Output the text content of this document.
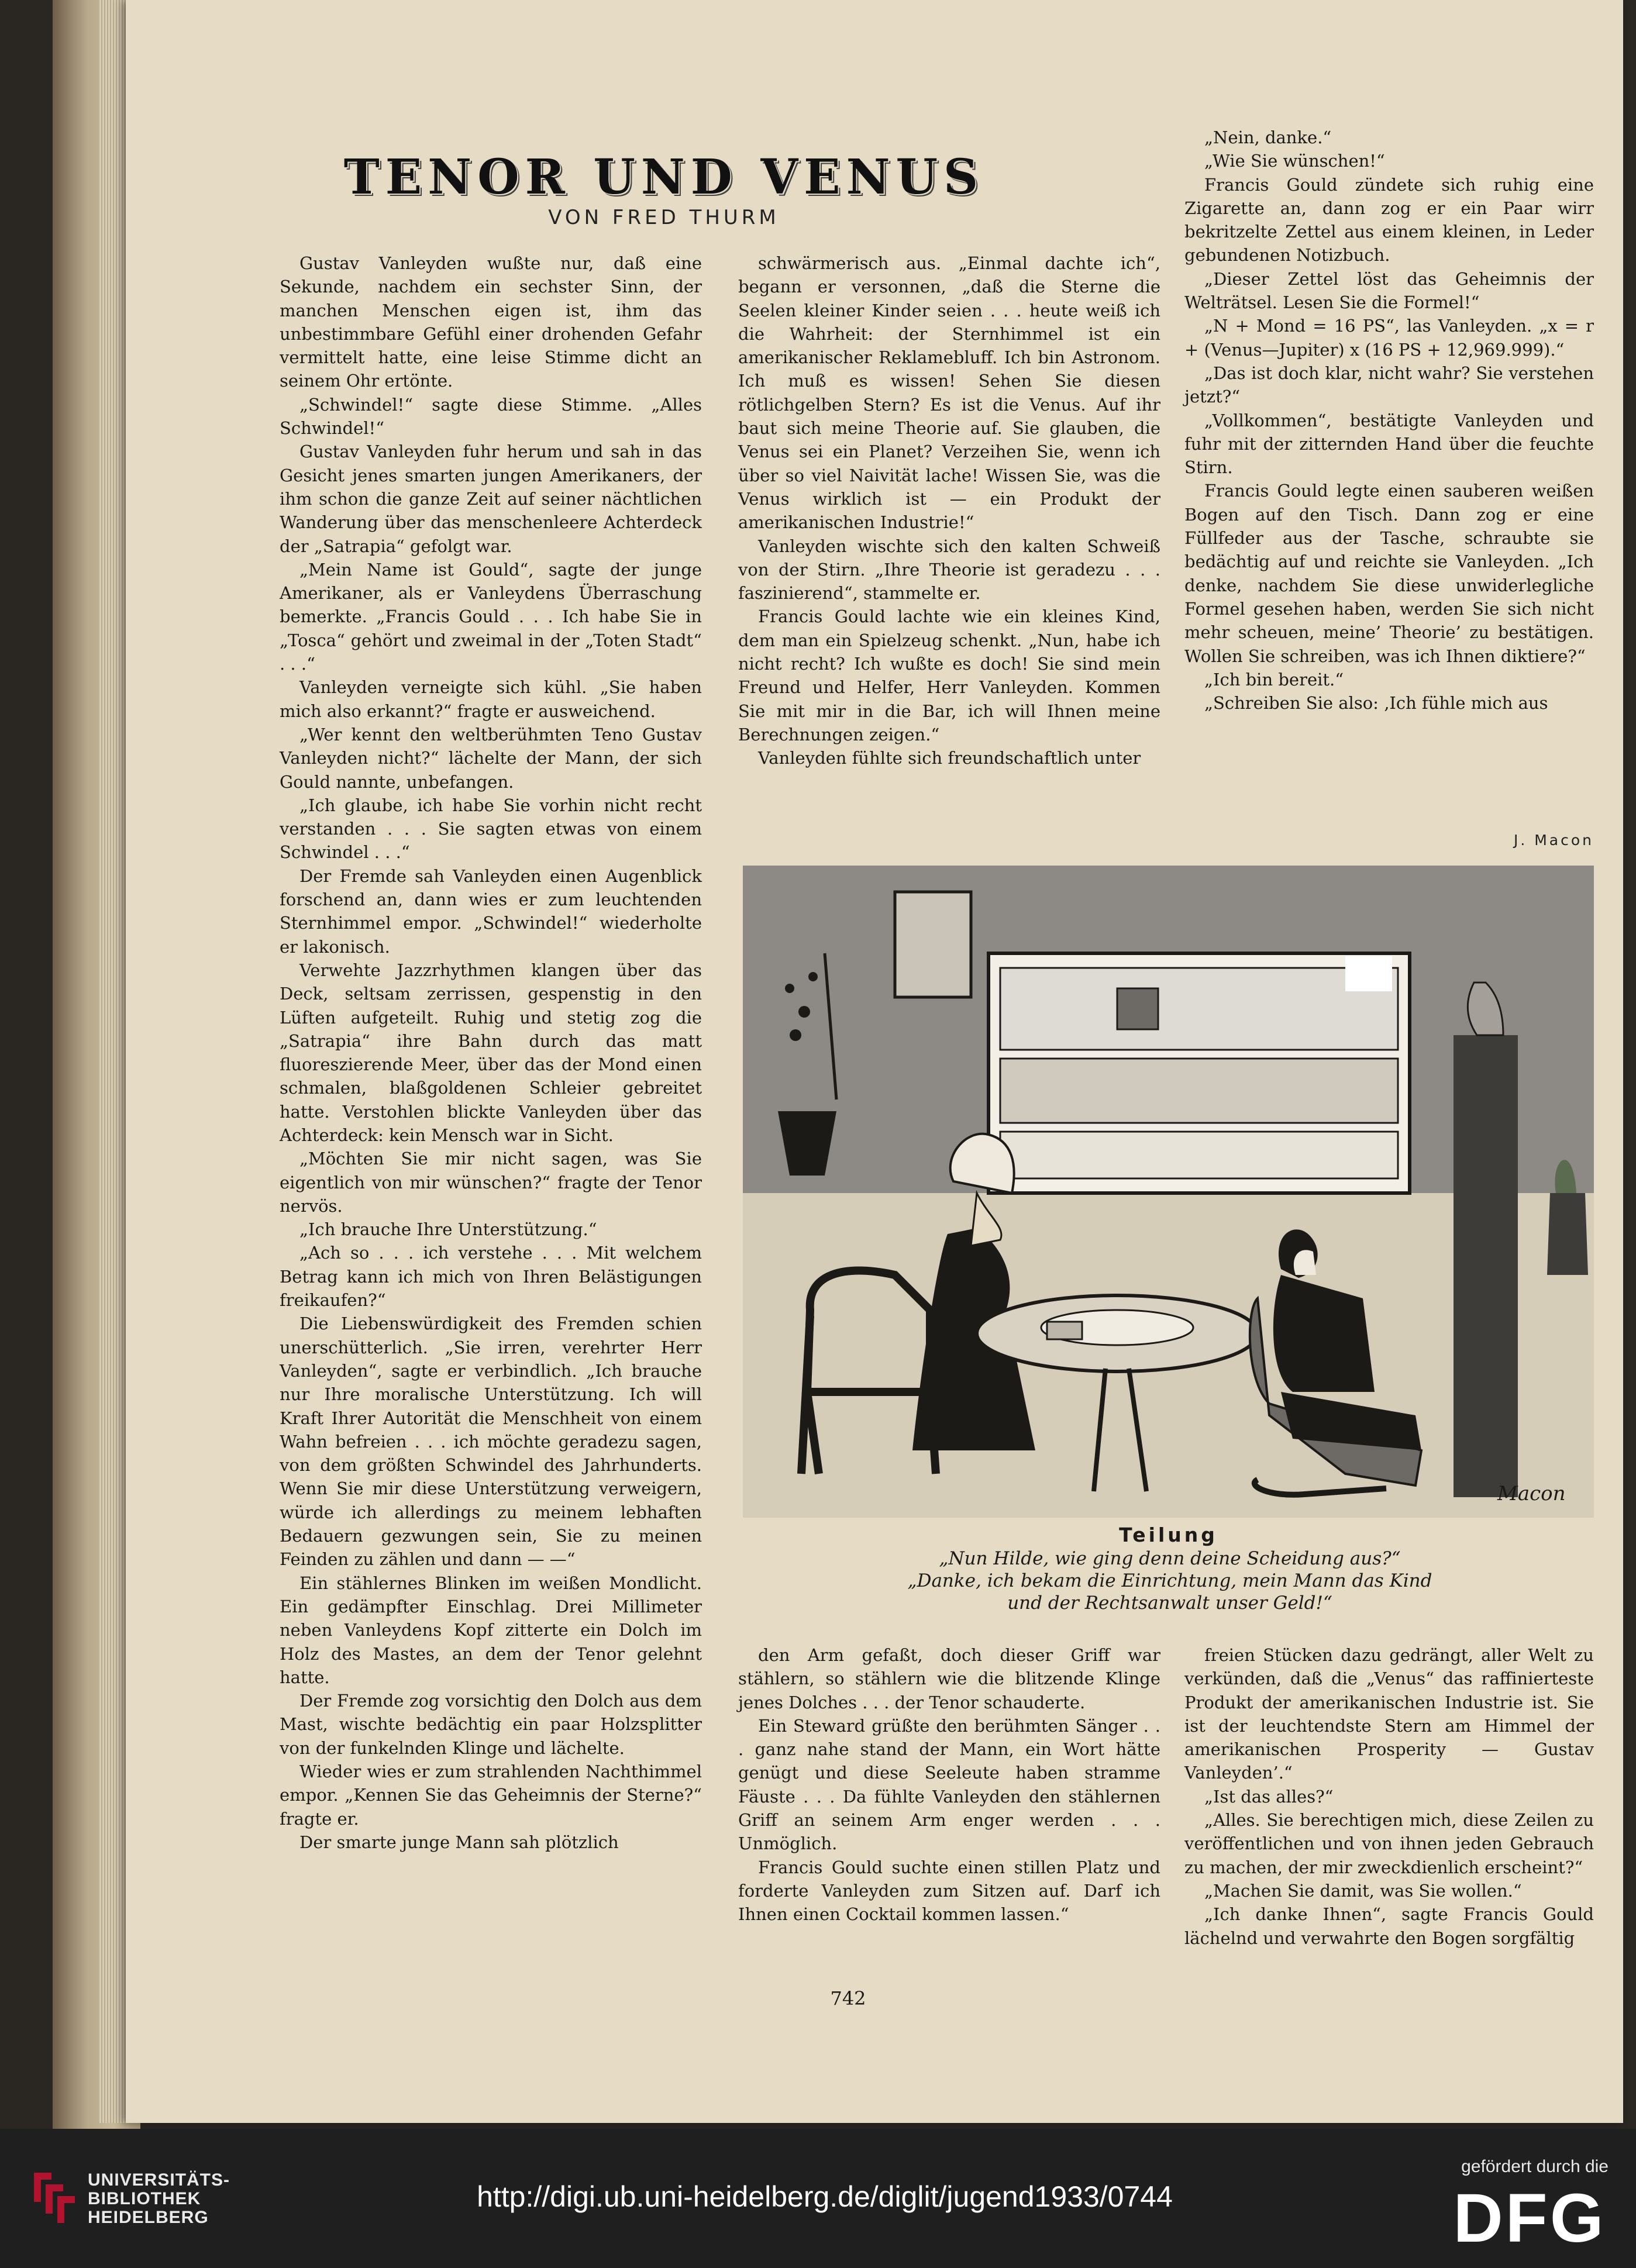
TENOR UND VENUS
VON FRED THURM

Gustav Vanleyden wußte nur, daß eine Sekunde, nachdem ein sechster Sinn, der manchen Menschen eigen ist, ihm das unbestimmbare Gefühl einer drohenden Gefahr vermittelt hatte, eine leise Stimme dicht an seinem Ohr ertönte.

„Schwindel!“ sagte diese Stimme. „Alles Schwindel!“

Gustav Vanleyden fuhr herum und sah in das Gesicht jenes smarten jungen Amerikaners, der ihm schon die ganze Zeit auf seiner nächtlichen Wanderung über das menschenleere Achterdeck der „Satrapia“ gefolgt war.

„Mein Name ist Gould“, sagte der junge Amerikaner, als er Vanleydens Überraschung bemerkte. „Francis Gould . . . Ich habe Sie in „Tosca“ gehört und zweimal in der „Toten Stadt“ . . .“

Vanleyden verneigte sich kühl. „Sie haben mich also erkannt?“ fragte er ausweichend.

„Wer kennt den weltberühmten Teno Gustav Vanleyden nicht?“ lächelte der Mann, der sich Gould nannte, unbefangen.

„Ich glaube, ich habe Sie vorhin nicht recht verstanden . . . Sie sagten etwas von einem Schwindel . . .“

Der Fremde sah Vanleyden einen Augenblick forschend an, dann wies er zum leuchtenden Sternhimmel empor. „Schwindel!“ wiederholte er lakonisch.

Verwehte Jazzrhythmen klangen über das Deck, seltsam zerrissen, gespenstig in den Lüften aufgeteilt. Ruhig und stetig zog die „Satrapia“ ihre Bahn durch das matt fluoreszierende Meer, über das der Mond einen schmalen, blaßgoldenen Schleier gebreitet hatte. Verstohlen blickte Vanleyden über das Achterdeck: kein Mensch war in Sicht.

„Möchten Sie mir nicht sagen, was Sie eigentlich von mir wünschen?“ fragte der Tenor nervös.

„Ich brauche Ihre Unterstützung.“

„Ach so . . . ich verstehe . . . Mit welchem Betrag kann ich mich von Ihren Belästigungen freikaufen?“

Die Liebenswürdigkeit des Fremden schien unerschütterlich. „Sie irren, verehrter Herr Vanleyden“, sagte er verbindlich. „Ich brauche nur Ihre moralische Unterstützung. Ich will Kraft Ihrer Autorität die Menschheit von einem Wahn befreien . . . ich möchte geradezu sagen, von dem größten Schwindel des Jahrhunderts. Wenn Sie mir diese Unterstützung verweigern, würde ich allerdings zu meinem lebhaften Bedauern gezwungen sein, Sie zu meinen Feinden zu zählen und dann — —“

Ein stählernes Blinken im weißen Mondlicht. Ein gedämpfter Einschlag. Drei Millimeter neben Vanleydens Kopf zitterte ein Dolch im Holz des Mastes, an dem der Tenor gelehnt hatte.

Der Fremde zog vorsichtig den Dolch aus dem Mast, wischte bedächtig ein paar Holzsplitter von der funkelnden Klinge und lächelte.

Wieder wies er zum strahlenden Nachthimmel empor. „Kennen Sie das Geheimnis der Sterne?“ fragte er.

Der smarte junge Mann sah plötzlich

schwärmerisch aus. „Einmal dachte ich“, begann er versonnen, „daß die Sterne die Seelen kleiner Kinder seien . . . heute weiß ich die Wahrheit: der Sternhimmel ist ein amerikanischer Reklamebluff. Ich bin Astronom. Ich muß es wissen! Sehen Sie diesen rötlichgelben Stern? Es ist die Venus. Auf ihr baut sich meine Theorie auf. Sie glauben, die Venus sei ein Planet? Verzeihen Sie, wenn ich über so viel Naivität lache! Wissen Sie, was die Venus wirklich ist — ein Produkt der amerikanischen Industrie!“

Vanleyden wischte sich den kalten Schweiß von der Stirn. „Ihre Theorie ist geradezu . . . faszinierend“, stammelte er.

Francis Gould lachte wie ein kleines Kind, dem man ein Spielzeug schenkt. „Nun, habe ich nicht recht? Ich wußte es doch! Sie sind mein Freund und Helfer, Herr Vanleyden. Kommen Sie mit mir in die Bar, ich will Ihnen meine Berechnungen zeigen.“

Vanleyden fühlte sich freundschaftlich unter

„Nein, danke.“

„Wie Sie wünschen!“

Francis Gould zündete sich ruhig eine Zigarette an, dann zog er ein Paar wirr bekritzelte Zettel aus einem kleinen, in Leder gebundenen Notizbuch.

„Dieser Zettel löst das Geheimnis der Welträtsel. Lesen Sie die Formel!“

„N + Mond = 16 PS“, las Vanleyden. „x = r + (Venus—Jupiter) x (16 PS + 12,969.999).“

„Das ist doch klar, nicht wahr? Sie verstehen jetzt?“

„Vollkommen“, bestätigte Vanleyden und fuhr mit der zitternden Hand über die feuchte Stirn.

Francis Gould legte einen sauberen weißen Bogen auf den Tisch. Dann zog er eine Füllfeder aus der Tasche, schraubte sie bedächtig auf und reichte sie Vanleyden. „Ich denke, nachdem Sie diese unwiderlegliche Formel gesehen haben, werden Sie sich nicht mehr scheuen, meine’ Theorie’ zu bestätigen. Wollen Sie schreiben, was ich Ihnen diktiere?“

„Ich bin bereit.“

„Schreiben Sie also: ‚Ich fühle mich aus

J. Macon
Macon
Teilung
„Nun Hilde, wie ging denn deine Scheidung aus?“
„Danke, ich bekam die Einrichtung, mein Mann das Kind
und der Rechtsanwalt unser Geld!“

den Arm gefaßt, doch dieser Griff war stählern, so stählern wie die blitzende Klinge jenes Dolches . . . der Tenor schauderte.

Ein Steward grüßte den berühmten Sänger . . . ganz nahe stand der Mann, ein Wort hätte genügt und diese Seeleute haben stramme Fäuste . . . Da fühlte Vanleyden den stählernen Griff an seinem Arm enger werden . . . Unmöglich.

Francis Gould suchte einen stillen Platz und forderte Vanleyden zum Sitzen auf. Darf ich Ihnen einen Cocktail kommen lassen.“

freien Stücken dazu gedrängt, aller Welt zu verkünden, daß die „Venus“ das raffinierteste Produkt der amerikanischen Industrie ist. Sie ist der leuchtendste Stern am Himmel der amerikanischen Prosperity — Gustav Vanleyden’.“

„Ist das alles?“

„Alles. Sie berechtigen mich, diese Zeilen zu veröffentlichen und von ihnen jeden Gebrauch zu machen, der mir zweckdienlich erscheint?“

„Machen Sie damit, was Sie wollen.“

„Ich danke Ihnen“, sagte Francis Gould lächelnd und verwahrte den Bogen sorgfältig

742
UNIVERSITÄTS-
BIBLIOTHEK
HEIDELBERG
http://digi.ub.uni-heidelberg.de/diglit/jugend1933/0744
gefördert durch die
DFG
